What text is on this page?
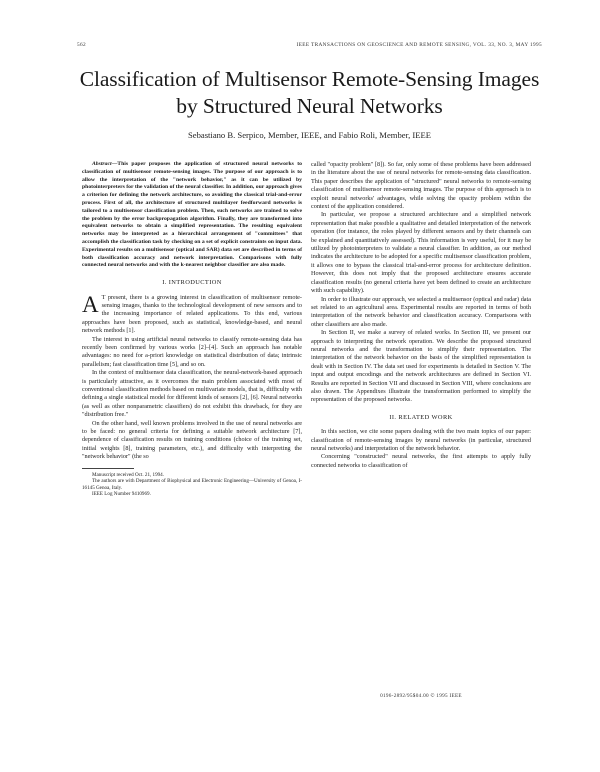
562	IEEE TRANSACTIONS ON GEOSCIENCE AND REMOTE SENSING, VOL. 33, NO. 3, MAY 1995
Classification of Multisensor Remote-Sensing Images by Structured Neural Networks
Sebastiano B. Serpico, Member, IEEE, and Fabio Roli, Member, IEEE

Abstract—This paper proposes the application of structured neural networks to classification of multisensor remote-sensing images. The purpose of our approach is to allow the interpretation of the "network behavior," as it can be utilized by photointerpreters for the validation of the neural classifier. In addition, our approach gives a criterion for defining the network architecture, so avoiding the classical trial-and-error process. First of all, the architecture of structured multilayer feedforward networks is tailored to a multisensor classification problem. Then, such networks are trained to solve the problem by the error backpropagation algorithm. Finally, they are transformed into equivalent networks to obtain a simplified representation. The resulting equivalent networks may be interpreted as a hierarchical arrangement of "committees" that accomplish the classification task by checking on a set of explicit constraints on input data. Experimental results on a multisensor (optical and SAR) data set are described in terms of both classification accuracy and network interpretation. Comparisons with fully connected neural networks and with the k-nearest neighbor classifier are also made.

I. INTRODUCTION

A T present, there is a growing interest in classification of multisensor remote-sensing images, thanks to the technological development of new sensors and to the increasing importance of related applications. To this end, various approaches have been proposed, such as statistical, knowledge-based, and neural network methods [1].

The interest in using artificial neural networks to classify remote-sensing data has recently been confirmed by various works [2]–[4]. Such an approach has notable advantages: no need for a-priori knowledge on statistical distribution of data; intrinsic parallelism; fast classification time [5], and so on.

In the context of multisensor data classification, the neural-network-based approach is particularly attractive, as it overcomes the main problem associated with most of conventional classification methods based on multivariate models, that is, difficulty with defining a single statistical model for different kinds of sensors [2], [6]. Neural networks (as well as other nonparametric classifiers) do not exhibit this drawback, for they are "distribution free."

On the other hand, well known problems involved in the use of neural networks are to be faced: no general criteria for defining a suitable network architecture [7], dependence of classification results on training conditions (choice of the training set, initial weights [8], training parameters, etc.), and difficulty with interpreting the "network behavior" (the so

Manuscript received Oct. 21, 1994.

The authors are with Department of Biophysical and Electronic Engineering—University of Genoa, I-16145 Genoa, Italy.

IEEE Log Number 9410969.

called "opacity problem" [8]). So far, only some of these problems have been addressed in the literature about the use of neural networks for remote-sensing data classification. This paper describes the application of "structured" neural networks to remote-sensing classification of multisensor remote-sensing images. The purpose of this approach is to exploit neural networks' advantages, while solving the opacity problem within the context of the application considered.

In particular, we propose a structured architecture and a simplified network representation that make possible a qualitative and detailed interpretation of the network operation (for instance, the roles played by different sensors and by their channels can be explained and quantitatively assessed). This information is very useful, for it may be utilized by photointerpreters to validate a neural classifier. In addition, as our method indicates the architecture to be adopted for a specific multisensor classification problem, it allows one to bypass the classical trial-and-error process for architecture definition. However, this does not imply that the proposed architecture ensures accurate classification results (no general criteria have yet been defined to create an architecture with such capability).

In order to illustrate our approach, we selected a multisensor (optical and radar) data set related to an agricultural area. Experimental results are reported in terms of both interpretation of the network behavior and classification accuracy. Comparisons with other classifiers are also made.

In Section II, we make a survey of related works. In Section III, we present our approach to interpreting the network operation. We describe the proposed structured neural networks and the transformation to simplify their representation. The interpretation of the network behavior on the basis of the simplified representation is dealt with in Section IV. The data set used for experiments is detailed in Section V. The input and output encodings and the network architectures are defined in Section VI. Results are reported in Section VII and discussed in Section VIII, where conclusions are also drawn. The Appendixes illustrate the transformation performed to simplify the representation of the proposed networks.

II. RELATED WORK

In this section, we cite some papers dealing with the two main topics of our paper: classification of remote-sensing images by neural networks (in particular, structured neural networks) and interpretation of the network behavior.

Concerning "constructed" neural networks, the first attempts to apply fully connected networks to classification of

0196-2892/95$04.00 © 1995 IEEE
